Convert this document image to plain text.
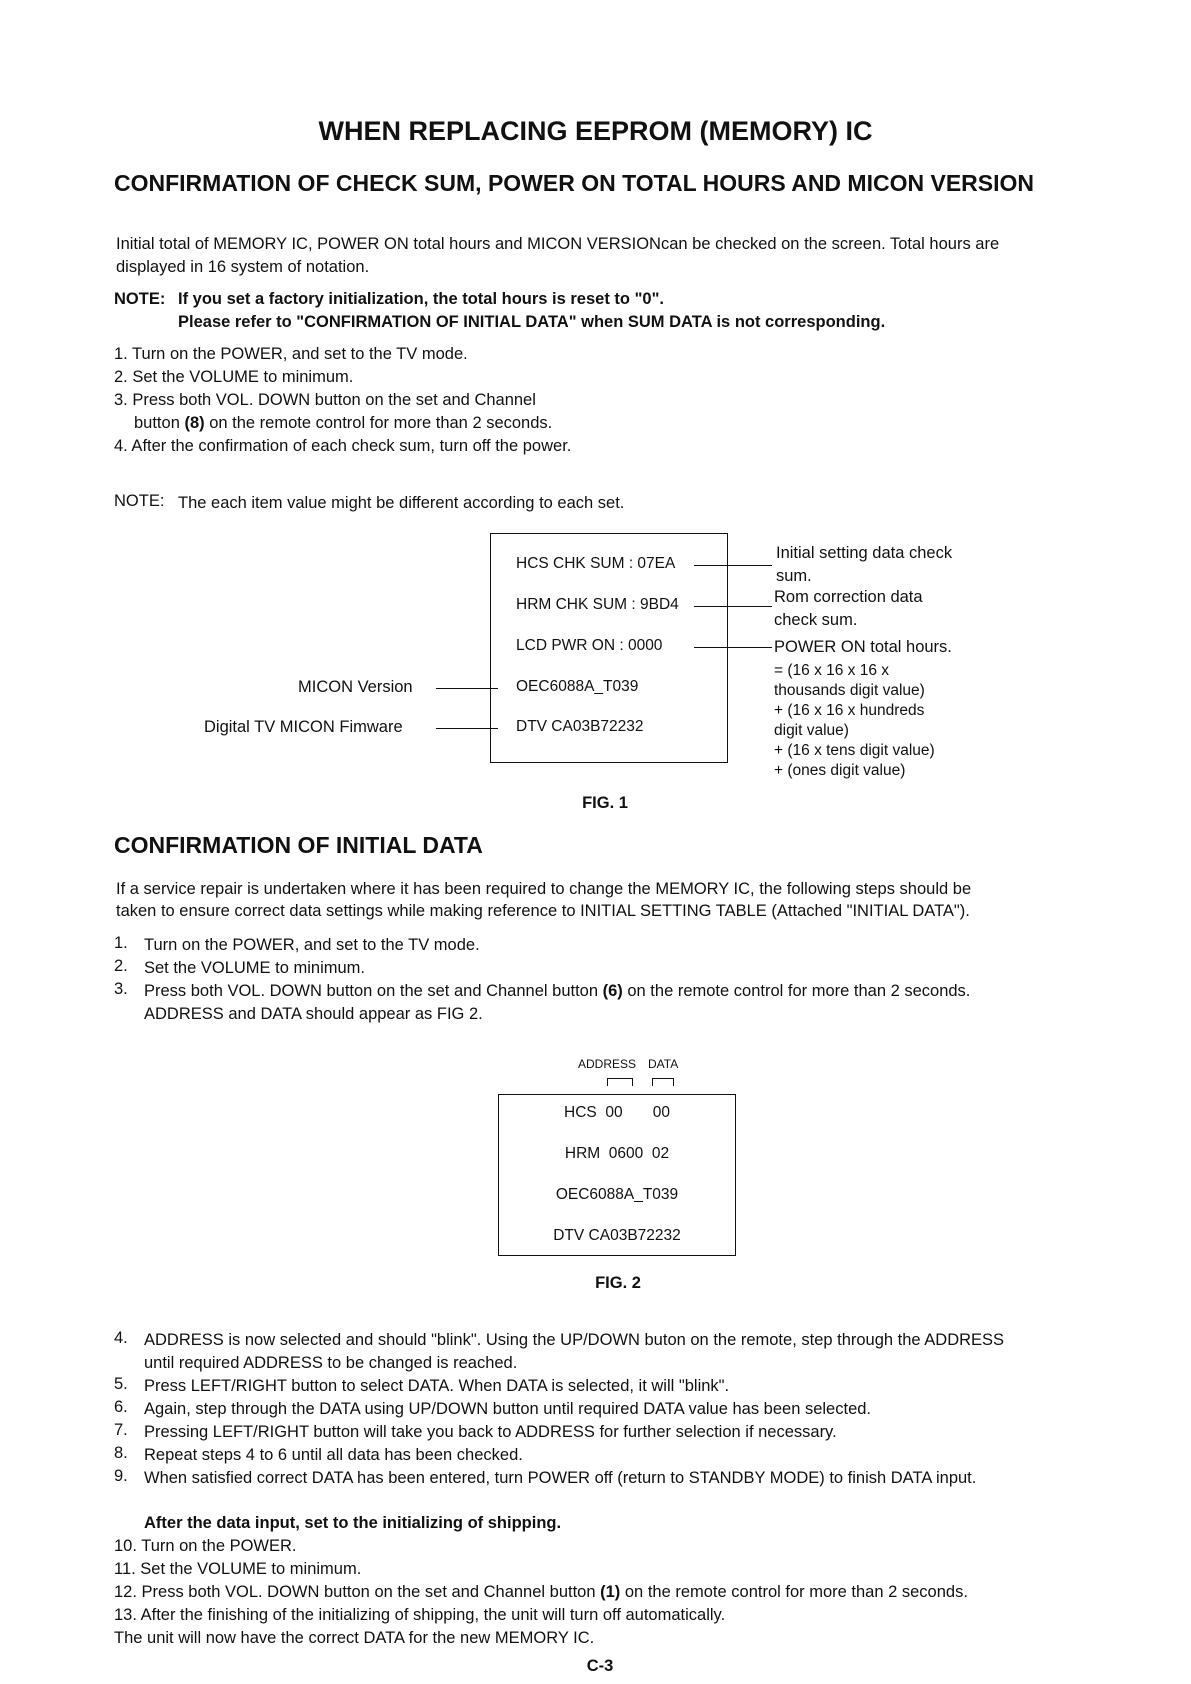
WHEN REPLACING EEPROM (MEMORY) IC
CONFIRMATION OF CHECK SUM, POWER ON TOTAL HOURS AND MICON VERSION
Initial total of MEMORY IC, POWER ON total hours and MICON VERSIONcan be checked on the screen. Total hours are
displayed in 16 system of notation.
NOTE: If you set a factory initialization, the total hours is reset to "0".
Please refer to "CONFIRMATION OF INITIAL DATA" when SUM DATA is not corresponding.
1. Turn on the POWER, and set to the TV mode.
2. Set the VOLUME to minimum.
3. Press both VOL. DOWN button on the set and Channel
button (8) on the remote control for more than 2 seconds.
4. After the confirmation of each check sum, turn off the power.
NOTE: The each item value might be different according to each set.
HCS CHK SUM : 07EA
HRM CHK SUM : 9BD4
LCD PWR ON : 0000
OEC6088A_T039
DTV CA03B72232
MICON Version
Digital TV MICON Fimware
Initial setting data check
sum.
Rom correction data
check sum.
POWER ON total hours.
= (16 x 16 x 16 x
thousands digit value)
+ (16 x 16 x hundreds
digit value)
+ (16 x tens digit value)
+ (ones digit value)
FIG. 1
CONFIRMATION OF INITIAL DATA
If a service repair is undertaken where it has been required to change the MEMORY IC, the following steps should be
taken to ensure correct data settings while making reference to INITIAL SETTING TABLE (Attached "INITIAL DATA").
1. Turn on the POWER, and set to the TV mode.
2. Set the VOLUME to minimum.
3. Press both VOL. DOWN button on the set and Channel button (6) on the remote control for more than 2 seconds.
ADDRESS and DATA should appear as FIG 2.
ADDRESS DATA
HCS  00       00
HRM  0600  02
OEC6088A_T039
DTV CA03B72232
FIG. 2
4. ADDRESS is now selected and should "blink". Using the UP/DOWN buton on the remote, step through the ADDRESS
until required ADDRESS to be changed is reached.
5. Press LEFT/RIGHT button to select DATA. When DATA is selected, it will "blink".
6. Again, step through the DATA using UP/DOWN button until required DATA value has been selected.
7. Pressing LEFT/RIGHT button will take you back to ADDRESS for further selection if necessary.
8. Repeat steps 4 to 6 until all data has been checked.
9. When satisfied correct DATA has been entered, turn POWER off (return to STANDBY MODE) to finish DATA input.
After the data input, set to the initializing of shipping.
10. Turn on the POWER.
11. Set the VOLUME to minimum.
12. Press both VOL. DOWN button on the set and Channel button (1) on the remote control for more than 2 seconds.
13. After the finishing of the initializing of shipping, the unit will turn off automatically.
The unit will now have the correct DATA for the new MEMORY IC.
C-3
